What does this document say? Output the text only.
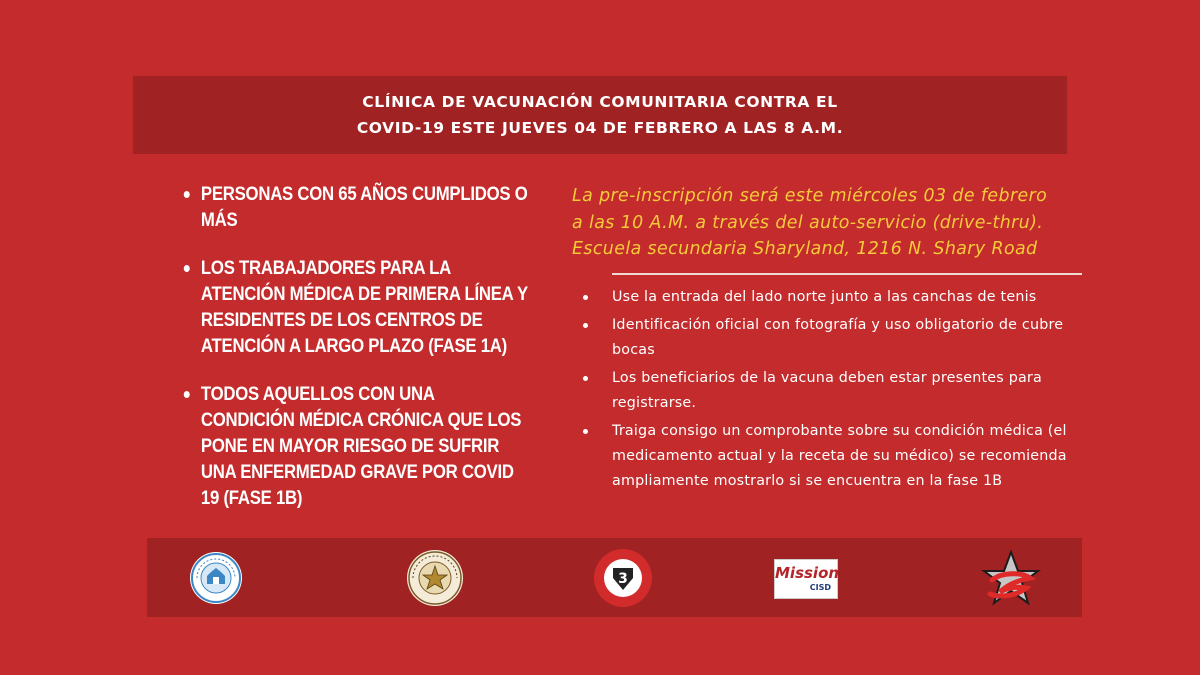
CLÍNICA DE VACUNACIÓN COMUNITARIA CONTRA EL
COVID-19 ESTE JUEVES 04 DE FEBRERO A LAS 8 A.M.
PERSONAS CON 65 AÑOS CUMPLIDOS O MÁS
LOS TRABAJADORES PARA LA ATENCIÓN MÉDICA DE PRIMERA LÍNEA Y RESIDENTES DE LOS CENTROS DE ATENCIÓN A LARGO PLAZO (FASE 1A)
TODOS AQUELLOS CON UNA CONDICIÓN MÉDICA CRÓNICA QUE LOS PONE EN MAYOR RIESGO DE SUFRIR UNA ENFERMEDAD GRAVE POR COVID 19 (FASE 1B)
La pre-inscripción será este miércoles 03 de febrero
a las 10 A.M. a través del auto-servicio (drive-thru).
Escuela secundaria Sharyland, 1216 N. Shary Road
Use la entrada del lado norte junto a las canchas de tenis
Identificación oficial con fotografía y uso obligatorio de cubre bocas
Los beneficiarios de la vacuna deben estar presentes para registrarse.
Traiga consigo un comprobante sobre su condición médica (el medicamento actual y la receta de su médico) se recomienda ampliamente mostrarlo si se encuentra en la fase 1B
3	Mission
CISD
